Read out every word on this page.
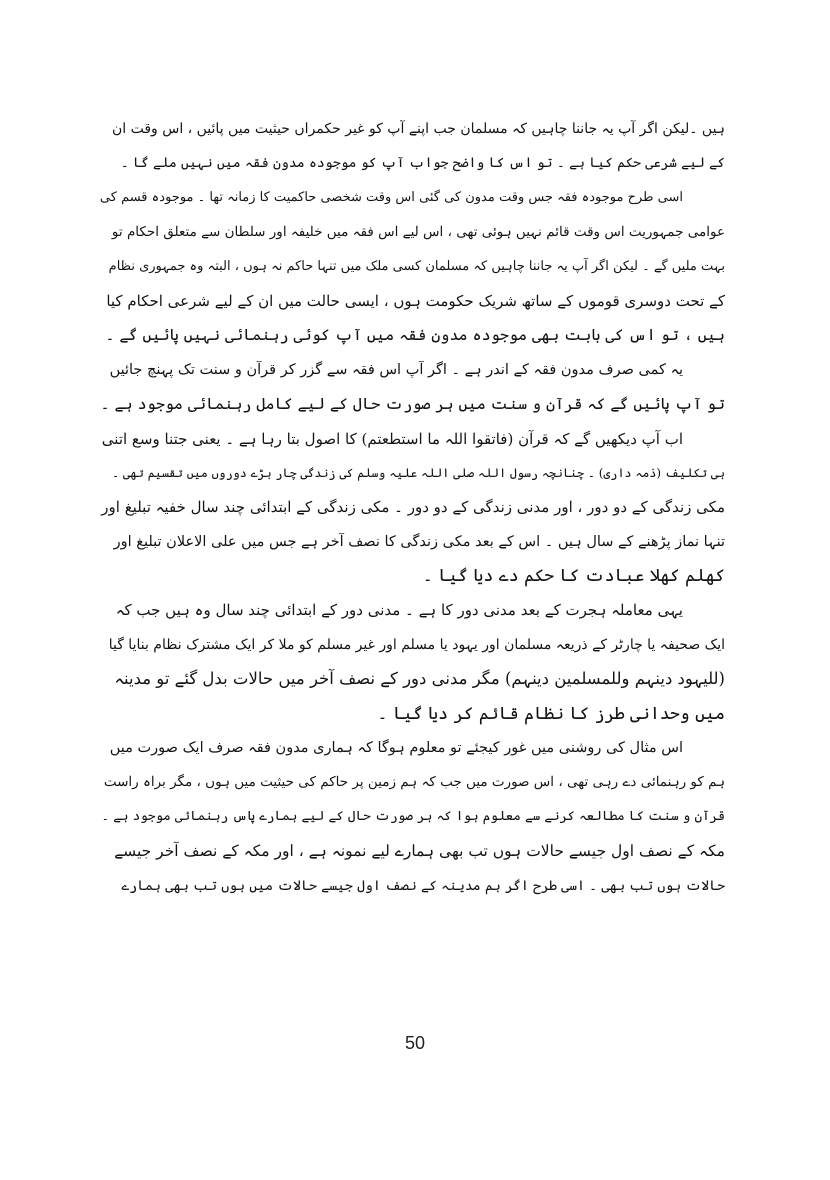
ہیں ۔لیکن اگر آپ یہ جاننا چاہیں کہ مسلمان جب اپنے آپ کو غیر حکمراں حیثیت میں پائیں ، اس وقت ان
کے لیے شرعی حکم کیا ہے ۔ تو اس کا واضح جواب آپ کو موجودہ مدون فقہ میں نہیں ملے گا ۔
اسی طرح موجودہ فقہ جس وقت مدون کی گئی اس وقت شخصی حاکمیت کا زمانہ تھا ۔ موجودہ قسم کی
عوامی جمہوریت اس وقت قائم نہیں ہوئی تھی ، اس لیے اس فقہ میں خلیفہ اور سلطان سے متعلق احکام تو
بہت ملیں گے ۔ لیکن اگر آپ یہ جاننا چاہیں کہ مسلمان کسی ملک میں تنہا حاکم نہ ہوں ، البتہ وہ جمہوری نظام
کے تحت دوسری قوموں کے ساتھ شریک حکومت ہوں ، ایسی حالت میں ان کے لیے شرعی احکام کیا
ہیں ، تو اس کی بابت بھی موجودہ مدون فقہ میں آپ کوئی رہنمائی نہیں پائیں گے ۔
یہ کمی صرف مدون فقہ کے اندر ہے ۔ اگر آپ اس فقہ سے گزر کر قرآن و سنت تک پہنچ جائیں
تو آپ پائیں گے کہ قرآن و سنت میں ہر صورت حال کے لیے کامل رہنمائی موجود ہے ۔
اب آپ دیکھیں گے کہ قرآن (فاتقوا اللہ ما استطعتم) کا اصول بتا رہا ہے ۔ یعنی جتنا وسع اتنی
ہی تکلیف (ذمہ داری) ۔ چنانچہ رسول اللہ صلی اللہ علیہ وسلم کی زندگی چار بڑے دوروں میں تقسیم تھی ۔
مکی زندگی کے دو دور ، اور مدنی زندگی کے دو دور ۔ مکی زندگی کے ابتدائی چند سال خفیہ تبلیغ اور
تنہا نماز پڑھنے کے سال ہیں ۔ اس کے بعد مکی زندگی کا نصف آخر ہے جس میں علی الاعلان تبلیغ اور
کھلم کھلا عبادت کا حکم دے دیا گیا ۔
یہی معاملہ ہجرت کے بعد مدنی دور کا ہے ۔ مدنی دور کے ابتدائی چند سال وہ ہیں جب کہ
ایک صحیفہ یا چارٹر کے ذریعہ مسلمان اور یہود یا مسلم اور غیر مسلم کو ملا کر ایک مشترک نظام بنایا گیا
(للیہود دینہم وللمسلمین دینہم) مگر مدنی دور کے نصف آخر میں حالات بدل گئے تو مدینہ
میں وحدانی طرز کا نظام قائم کر دیا گیا ۔
اس مثال کی روشنی میں غور کیجئے تو معلوم ہوگا کہ ہماری مدون فقہ صرف ایک صورت میں
ہم کو رہنمائی دے رہی تھی ، اس صورت میں جب کہ ہم زمین پر حاکم کی حیثیت میں ہوں ، مگر براہ راست
قرآن و سنت کا مطالعہ کرنے سے معلوم ہوا کہ ہر صورت حال کے لیے ہمارے پاس رہنمائی موجود ہے ۔
مکہ کے نصف اول جیسے حالات ہوں تب بھی ہمارے لیے نمونہ ہے ، اور مکہ کے نصف آخر جیسے
حالات ہوں تب بھی ۔ اسی طرح اگر ہم مدینہ کے نصف اول جیسے حالات میں ہوں تب بھی ہمارے
50
